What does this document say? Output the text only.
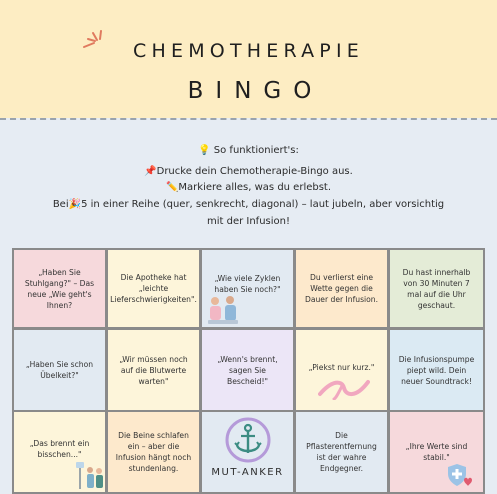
CHEMOTHERAPIE
BINGO
💡 So funktioniert's:
📌Drucke dein Chemotherapie-Bingo aus.
✏️Markiere alles, was du erlebst.
Bei🎉5 in einer Reihe (quer, senkrecht, diagonal) – laut jubeln, aber vorsichtig
mit der Infusion!
„Haben Sie Stuhlgang?" – Das neue „Wie geht's Ihnen?
Die Apotheke hat „leichte Lieferschwierigkeiten".
„Wie viele Zyklen haben Sie noch?"
Du verlierst eine Wette gegen die Dauer der Infusion.
Du hast innerhalb von 30 Minuten 7 mal auf die Uhr geschaut.
„Haben Sie schon Übelkeit?"
„Wir müssen noch auf die Blutwerte warten"
„Wenn's brennt, sagen Sie Bescheid!"
„Piekst nur kurz."
Die Infusionspumpe piept wild. Dein neuer Soundtrack!
„Das brennt ein bisschen..."
Die Beine schlafen ein – aber die Infusion hängt noch stundenlang.	MUT-ANKER
Die Pflasterentfernung ist der wahre Endgegner.
„Ihre Werte sind stabil."
